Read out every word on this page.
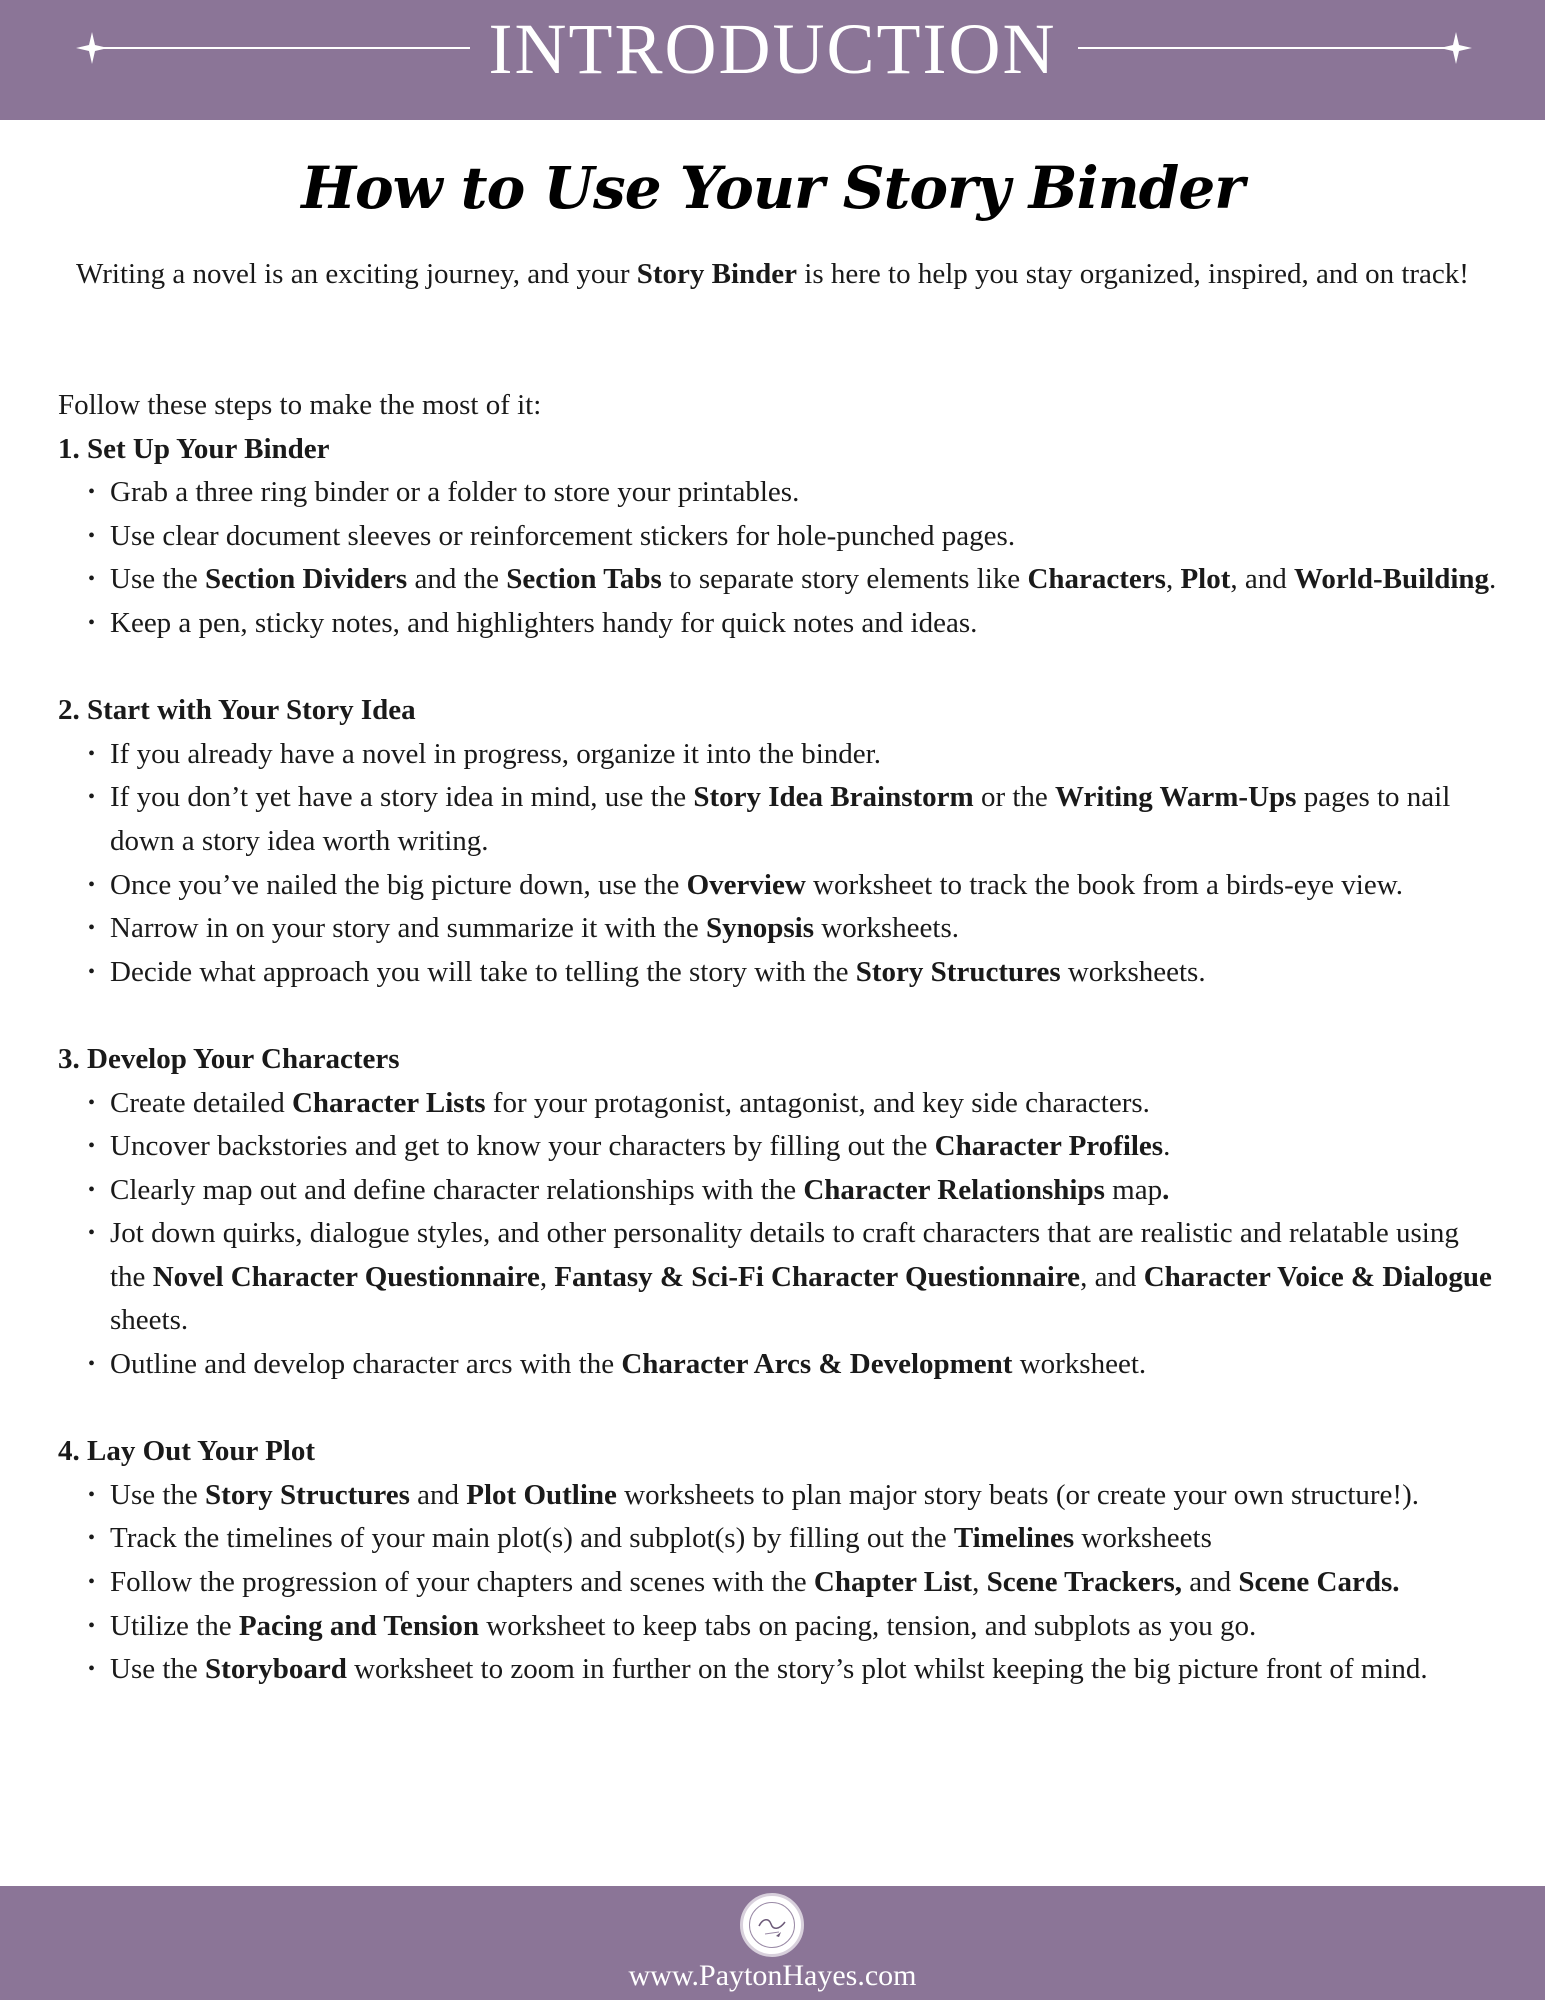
INTRODUCTION
How to Use Your Story Binder
Writing a novel is an exciting journey, and your Story Binder is here to help you stay organized, inspired, and on track!

Follow these steps to make the most of it:

1. Set Up Your Binder

• Grab a three ring binder or a folder to store your printables.
• Use clear document sleeves or reinforcement stickers for hole-punched pages.
• Use the Section Dividers and the Section Tabs to separate story elements like Characters, Plot, and World-Building.
• Keep a pen, sticky notes, and highlighters handy for quick notes and ideas.

2. Start with Your Story Idea

• If you already have a novel in progress, organize it into the binder.
• If you don’t yet have a story idea in mind, use the Story Idea Brainstorm or the Writing Warm-Ups pages to nail down a story idea worth writing.
• Once you’ve nailed the big picture down, use the Overview worksheet to track the book from a birds-eye view.
• Narrow in on your story and summarize it with the Synopsis worksheets.
• Decide what approach you will take to telling the story with the Story Structures worksheets.

3. Develop Your Characters

• Create detailed Character Lists for your protagonist, antagonist, and key side characters.
• Uncover backstories and get to know your characters by filling out the Character Profiles.
• Clearly map out and define character relationships with the Character Relationships map.
• Jot down quirks, dialogue styles, and other personality details to craft characters that are realistic and relatable using the Novel Character Questionnaire, Fantasy & Sci-Fi Character Questionnaire, and Character Voice & Dialogue sheets.
• Outline and develop character arcs with the Character Arcs & Development worksheet.

4. Lay Out Your Plot

• Use the Story Structures and Plot Outline worksheets to plan major story beats (or create your own structure!).
• Track the timelines of your main plot(s) and subplot(s) by filling out the Timelines worksheets
• Follow the progression of your chapters and scenes with the Chapter List, Scene Trackers, and Scene Cards.
• Utilize the Pacing and Tension worksheet to keep tabs on pacing, tension, and subplots as you go.
• Use the Storyboard worksheet to zoom in further on the story’s plot whilst keeping the big picture front of mind.
www.PaytonHayes.com
